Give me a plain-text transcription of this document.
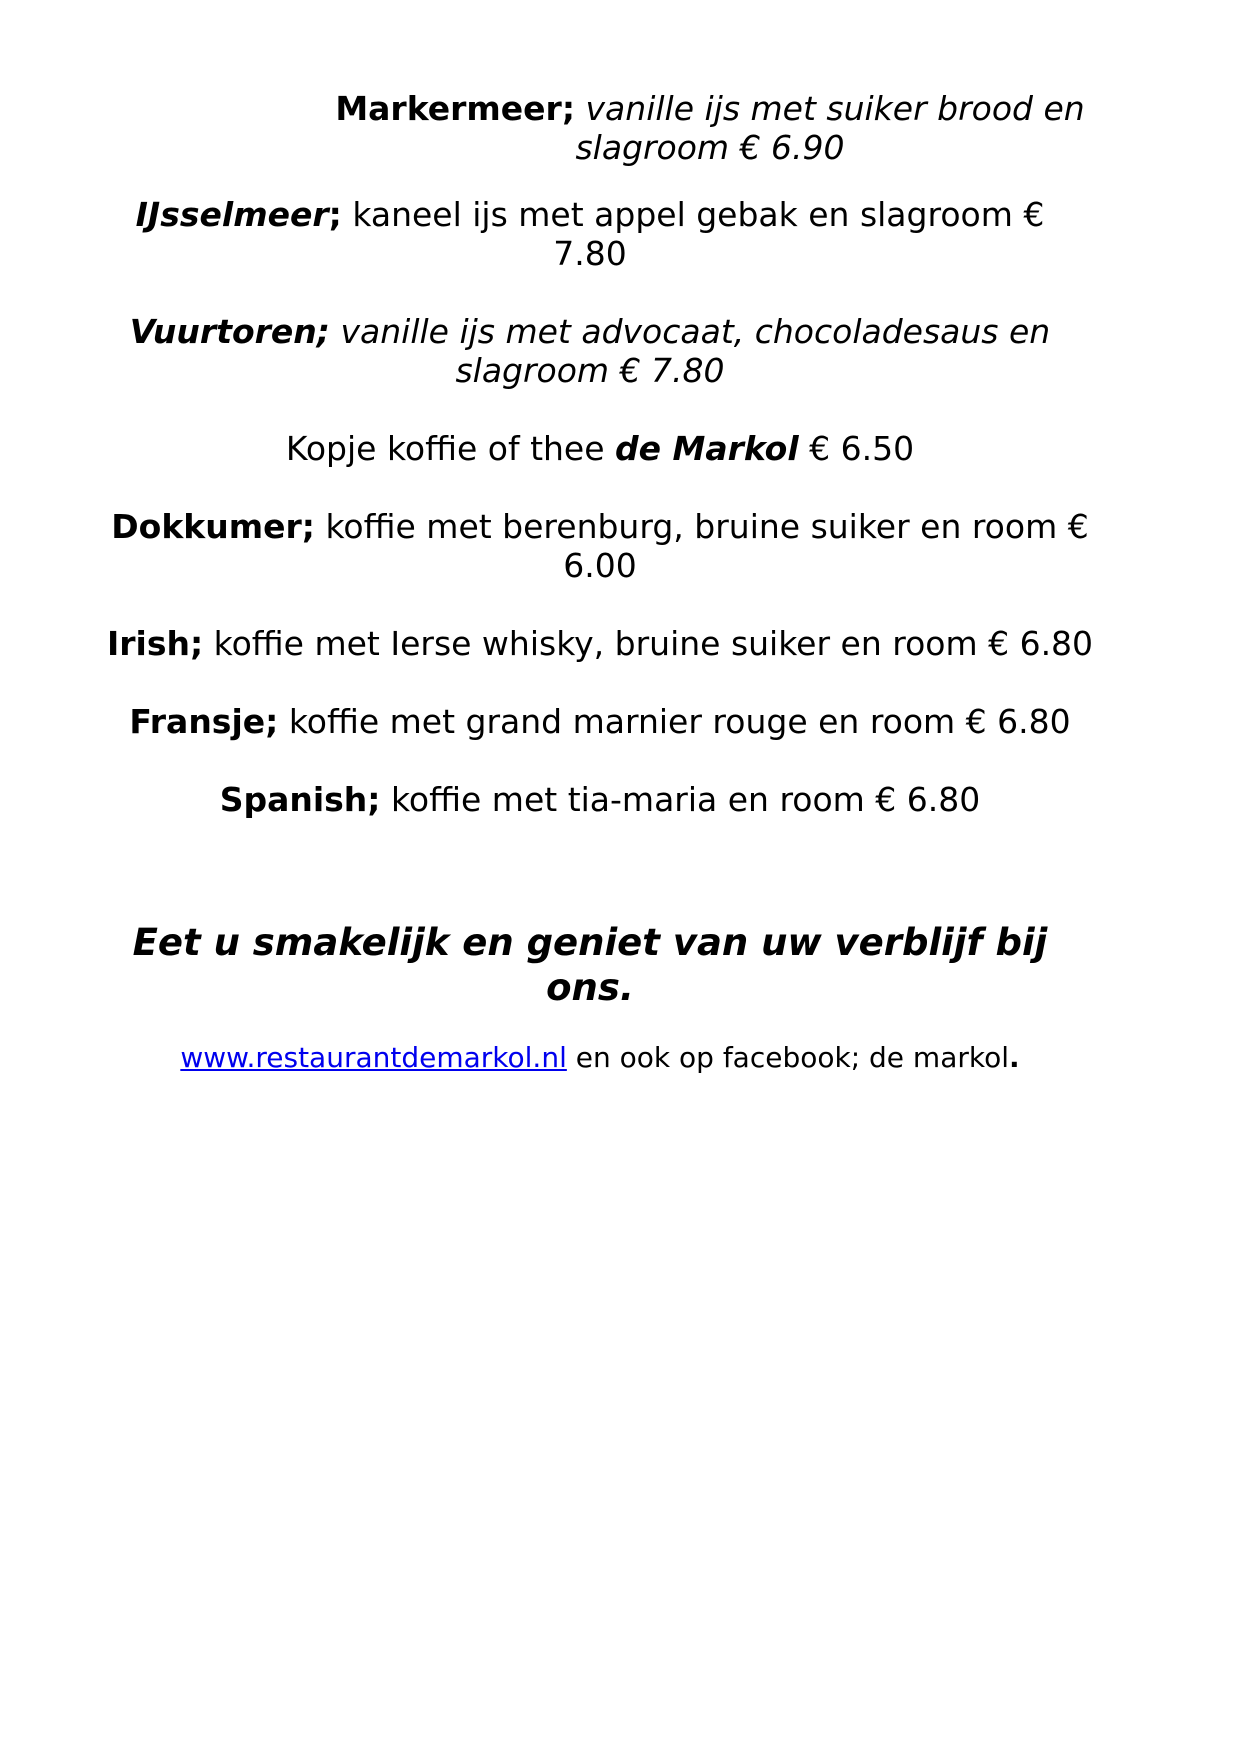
Markermeer; vanille ijs met suiker brood en slagroom € 6.90
IJsselmeer; kaneel ijs met appel gebak en slagroom € 7.80
Vuurtoren; vanille ijs met advocaat, chocoladesaus en slagroom € 7.80
Kopje koffie of thee de Markol € 6.50
Dokkumer; koffie met berenburg, bruine suiker en room € 6.00
Irish; koffie met Ierse whisky, bruine suiker en room € 6.80
Fransje; koffie met grand marnier rouge en room € 6.80
Spanish; koffie met tia-maria en room € 6.80
Eet u smakelijk en geniet van uw verblijf bij ons.
www.restaurantdemarkol.nl en ook op facebook; de markol.
